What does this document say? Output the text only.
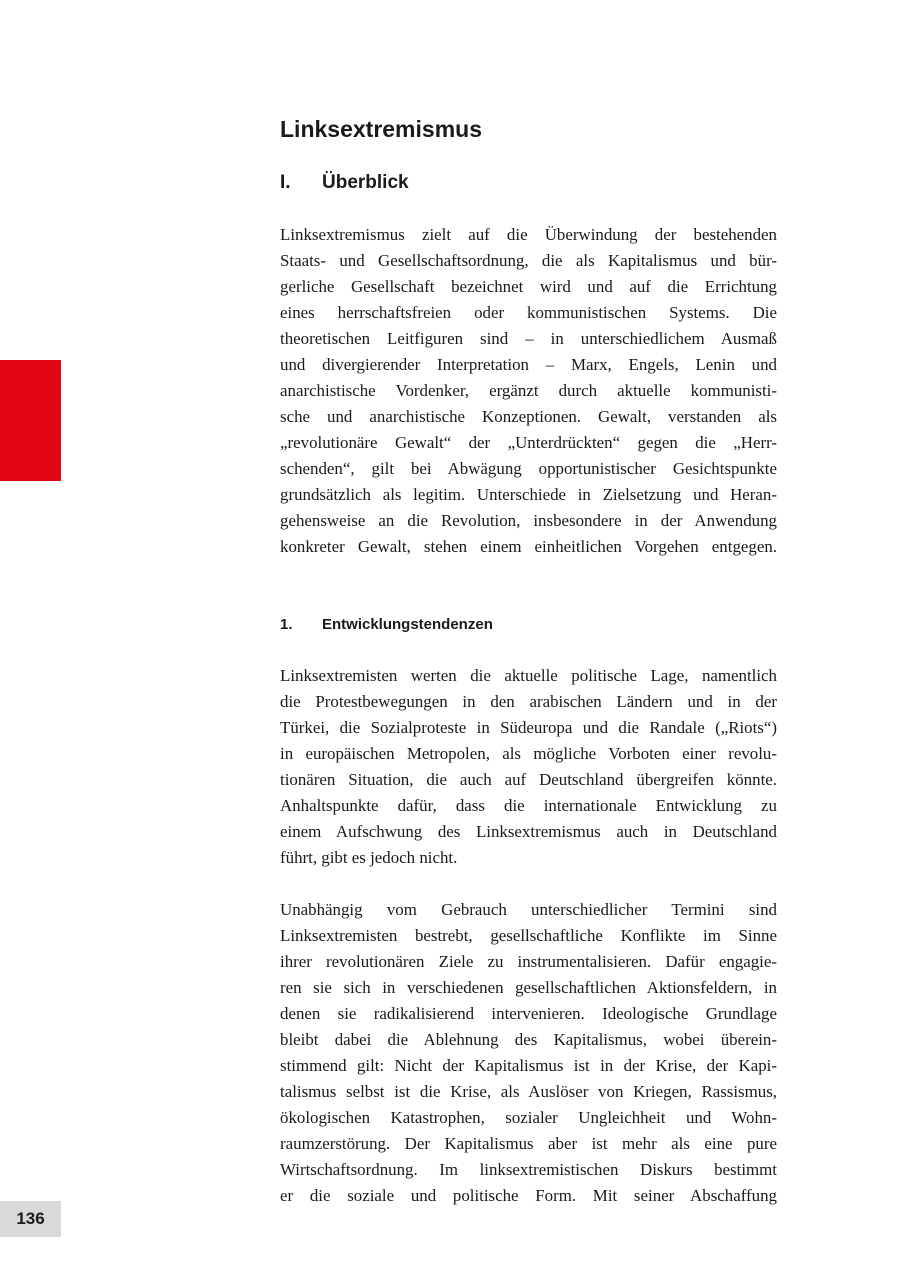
136
Linksextremismus
I. Überblick
Linksextremismus zielt auf die Überwindung der bestehenden
Staats- und Gesellschaftsordnung, die als Kapitalismus und bür-
gerliche Gesellschaft bezeichnet wird und auf die Errichtung
eines herrschaftsfreien oder kommunistischen Systems. Die
theoretischen Leitfiguren sind – in unterschiedlichem Ausmaß
und divergierender Interpretation – Marx, Engels, Lenin und
anarchistische Vordenker, ergänzt durch aktuelle kommunisti-
sche und anarchistische Konzeptionen. Gewalt, verstanden als
„revolutionäre Gewalt“ der „Unterdrückten“ gegen die „Herr-
schenden“, gilt bei Abwägung opportunistischer Gesichtspunkte
grundsätzlich als legitim. Unterschiede in Zielsetzung und Heran-
gehensweise an die Revolution, insbesondere in der Anwendung
konkreter Gewalt, stehen einem einheitlichen Vorgehen entgegen.
1. Entwicklungstendenzen
Linksextremisten werten die aktuelle politische Lage, namentlich
die Protestbewegungen in den arabischen Ländern und in der
Türkei, die Sozialproteste in Südeuropa und die Randale („Riots“)
in europäischen Metropolen, als mögliche Vorboten einer revolu-
tionären Situation, die auch auf Deutschland übergreifen könnte.
Anhaltspunkte dafür, dass die internationale Entwicklung zu
einem Aufschwung des Linksextremismus auch in Deutschland
führt, gibt es jedoch nicht.
Unabhängig vom Gebrauch unterschiedlicher Termini sind
Linksextremisten bestrebt, gesellschaftliche Konflikte im Sinne
ihrer revolutionären Ziele zu instrumentalisieren. Dafür engagie-
ren sie sich in verschiedenen gesellschaftlichen Aktionsfeldern, in
denen sie radikalisierend intervenieren. Ideologische Grundlage
bleibt dabei die Ablehnung des Kapitalismus, wobei überein-
stimmend gilt: Nicht der Kapitalismus ist in der Krise, der Kapi-
talismus selbst ist die Krise, als Auslöser von Kriegen, Rassismus,
ökologischen Katastrophen, sozialer Ungleichheit und Wohn-
raumzerstörung. Der Kapitalismus aber ist mehr als eine pure
Wirtschaftsordnung. Im linksextremistischen Diskurs bestimmt
er die soziale und politische Form. Mit seiner Abschaffung
